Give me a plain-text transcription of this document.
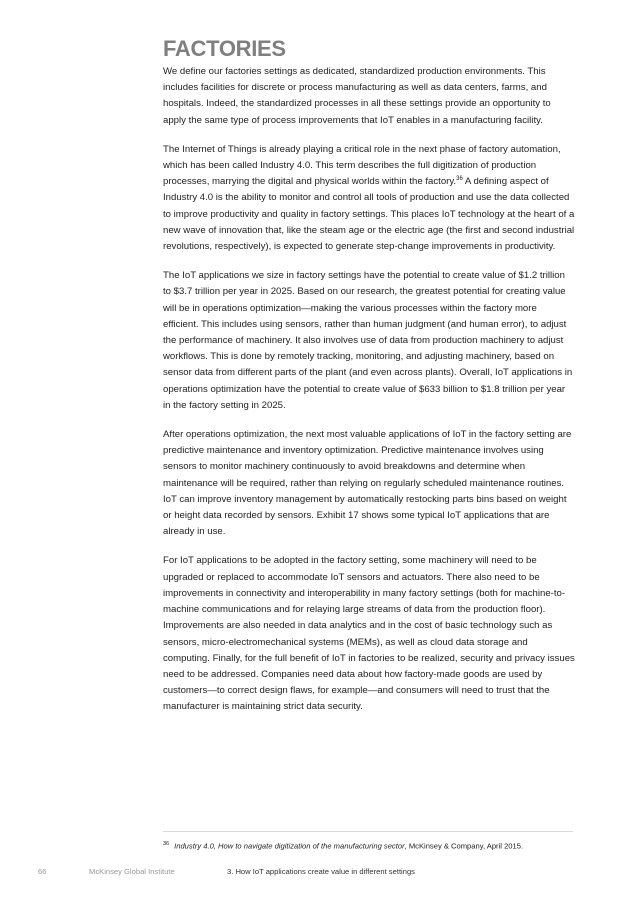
FACTORIES

We define our factories settings as dedicated, standardized production environments. This includes facilities for discrete or process manufacturing as well as data centers, farms, and hospitals. Indeed, the standardized processes in all these settings provide an opportunity to apply the same type of process improvements that IoT enables in a manufacturing facility.

The Internet of Things is already playing a critical role in the next phase of factory automation, which has been called Industry 4.0. This term describes the full digitization of production processes, marrying the digital and physical worlds within the factory.$^{36}$ A defining aspect of Industry 4.0 is the ability to monitor and control all tools of production and use the data collected to improve productivity and quality in factory settings. This places IoT technology at the heart of a new wave of innovation that, like the steam age or the electric age (the first and second industrial revolutions, respectively), is expected to generate step-change improvements in productivity.

The IoT applications we size in factory settings have the potential to create value of $1.2 trillion to $3.7 trillion per year in 2025. Based on our research, the greatest potential for creating value will be in operations optimization—making the various processes within the factory more efficient. This includes using sensors, rather than human judgment (and human error), to adjust the performance of machinery. It also involves use of data from production machinery to adjust workflows. This is done by remotely tracking, monitoring, and adjusting machinery, based on sensor data from different parts of the plant (and even across plants). Overall, IoT applications in operations optimization have the potential to create value of $633 billion to $1.8 trillion per year in the factory setting in 2025.

After operations optimization, the next most valuable applications of IoT in the factory setting are predictive maintenance and inventory optimization. Predictive maintenance involves using sensors to monitor machinery continuously to avoid breakdowns and determine when maintenance will be required, rather than relying on regularly scheduled maintenance routines. IoT can improve inventory management by automatically restocking parts bins based on weight or height data recorded by sensors. Exhibit 17 shows some typical IoT applications that are already in use.

For IoT applications to be adopted in the factory setting, some machinery will need to be upgraded or replaced to accommodate IoT sensors and actuators. There also need to be improvements in connectivity and interoperability in many factory settings (both for machine-to-machine communications and for relaying large streams of data from the production floor). Improvements are also needed in data analytics and in the cost of basic technology such as sensors, micro-electromechanical systems (MEMs), as well as cloud data storage and computing. Finally, for the full benefit of IoT in factories to be realized, security and privacy issues need to be addressed. Companies need data about how factory-made goods are used by customers—to correct design flaws, for example—and consumers will need to trust that the manufacturer is maintaining strict data security.

$^{36}$ Industry 4.0, How to navigate digitization of the manufacturing sector, McKinsey & Company, April 2015.
66	McKinsey Global Institute	3. How IoT applications create value in different settings
